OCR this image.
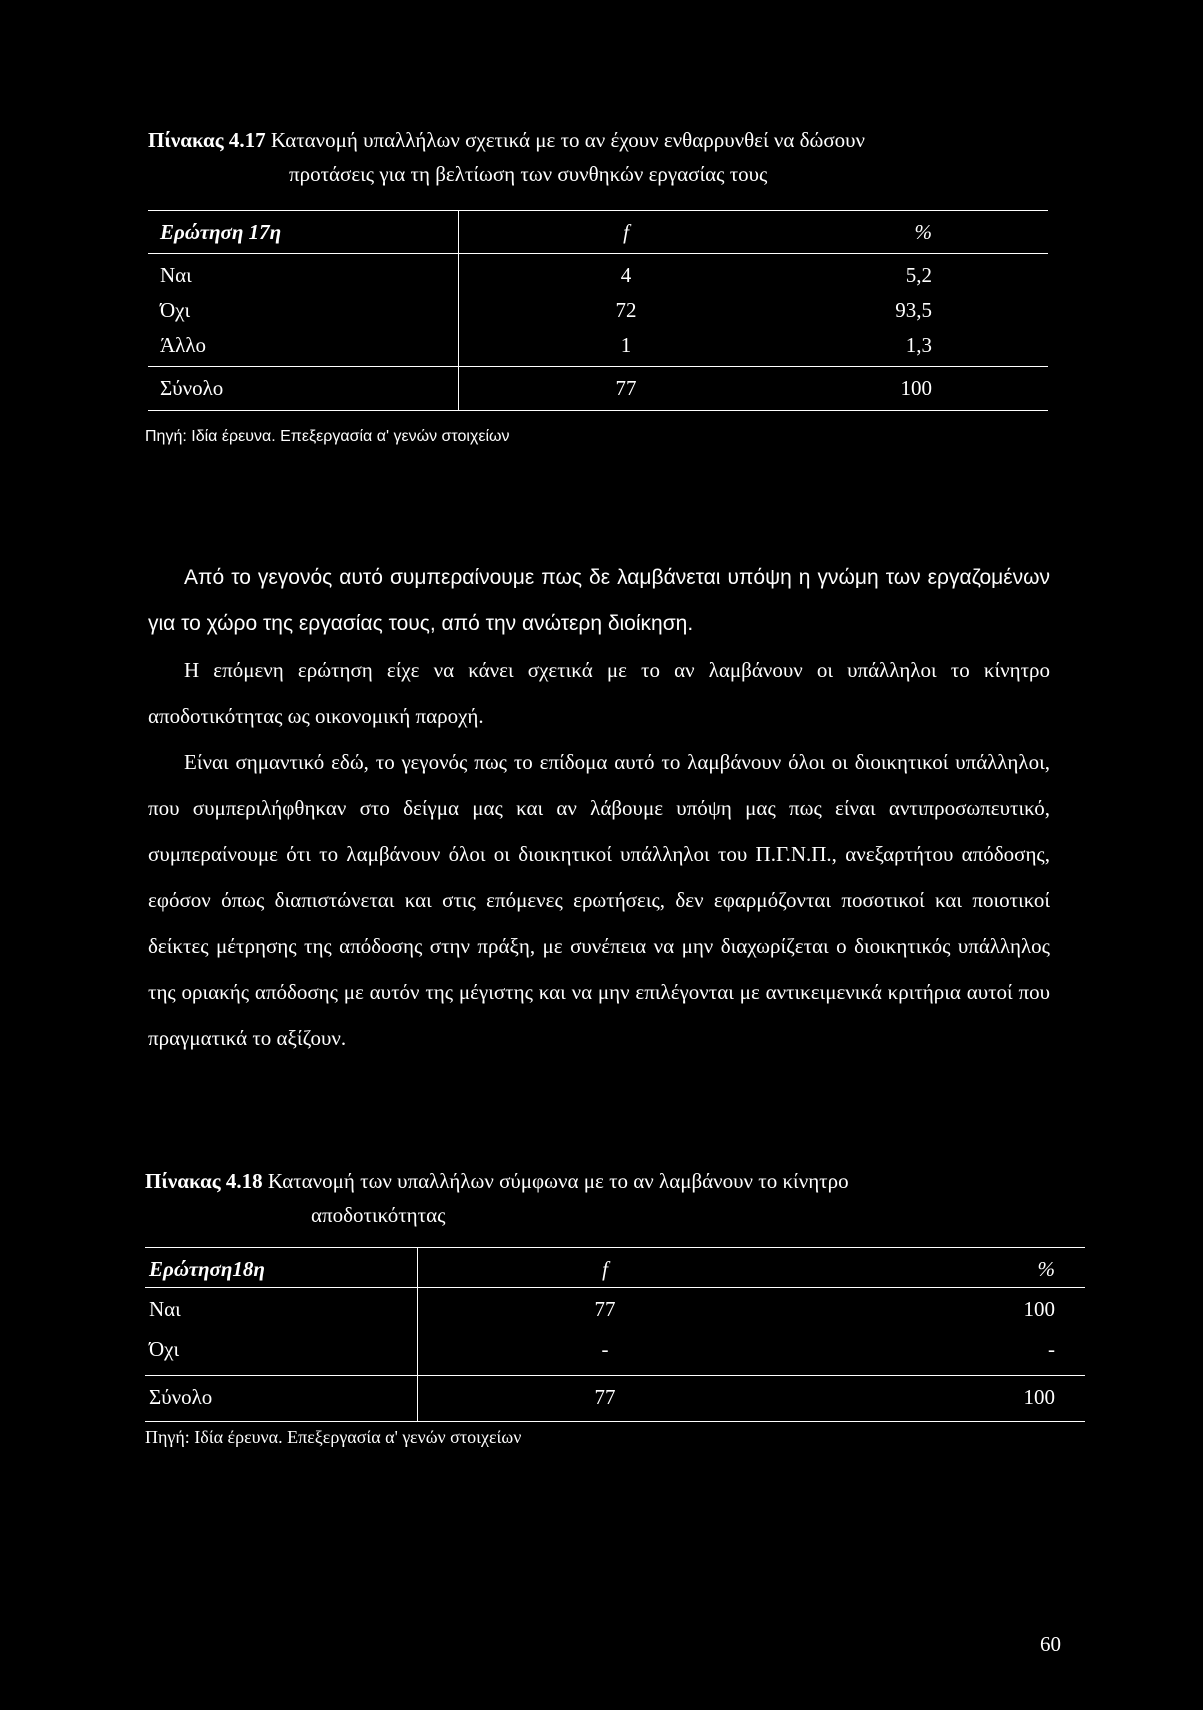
Πίνακας 4.17 Κατανομή υπαλλήλων σχετικά με το αν έχουν ενθαρρυνθεί να δώσουν
προτάσεις για τη βελτίωση των συνθηκών εργασίας τους
Ερώτηση 17η	f	%
Ναι	4	5,2
Όχι	72	93,5
Άλλο	1	1,3
Σύνολο	77	100
Πηγή: Ιδία έρευνα. Επεξεργασία α' γενών στοιχείων

Από το γεγονός αυτό συμπεραίνουμε πως δε λαμβάνεται υπόψη η γνώμη των εργαζομένων για το χώρο της εργασίας τους, από την ανώτερη διοίκηση.

Η επόμενη ερώτηση είχε να κάνει σχετικά με το αν λαμβάνουν οι υπάλληλοι το κίνητρο αποδοτικότητας ως οικονομική παροχή.

Είναι σημαντικό εδώ, το γεγονός πως το επίδομα αυτό το λαμβάνουν όλοι οι διοικητικοί υπάλληλοι, που συμπεριλήφθηκαν στο δείγμα μας και αν λάβουμε υπόψη μας πως είναι αντιπροσωπευτικό, συμπεραίνουμε ότι το λαμβάνουν όλοι οι διοικητικοί υπάλληλοι του Π.Γ.Ν.Π., ανεξαρτήτου απόδοσης, εφόσον όπως διαπιστώνεται και στις επόμενες ερωτήσεις, δεν εφαρμόζονται ποσοτικοί και ποιοτικοί δείκτες μέτρησης της απόδοσης στην πράξη, με συνέπεια να μην διαχωρίζεται ο διοικητικός υπάλληλος της οριακής απόδοσης με αυτόν της μέγιστης και να μην επιλέγονται με αντικειμενικά κριτήρια αυτοί που πραγματικά το αξίζουν.

Πίνακας 4.18 Κατανομή των υπαλλήλων σύμφωνα με το αν λαμβάνουν το κίνητρο
αποδοτικότητας
Ερώτηση18η	f	%
Ναι	77	100
Όχι	-	-
Σύνολο	77	100
Πηγή: Ιδία έρευνα. Επεξεργασία α' γενών στοιχείων
60
